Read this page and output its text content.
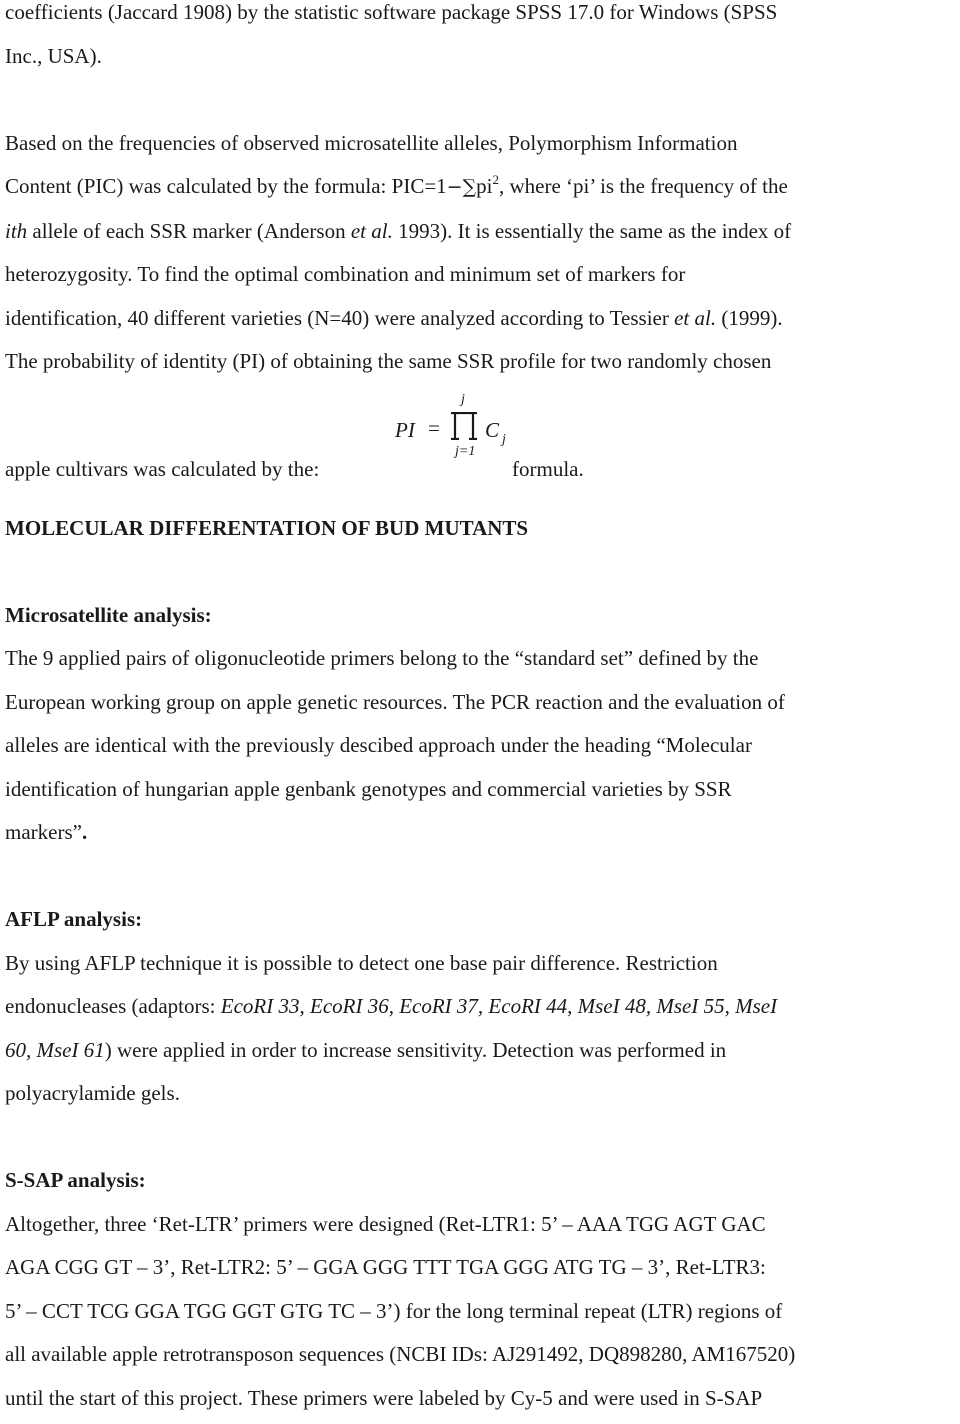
coefficients (Jaccard 1908) by the statistic software package SPSS 17.0 for Windows (SPSS
Inc., USA).
Based on the frequencies of observed microsatellite alleles, Polymorphism Information
Content (PIC) was calculated by the formula: $PIC=1-\sum pi^2$, where ‘pi’ is the frequency of the
ith allele of each SSR marker (Anderson et al. 1993). It is essentially the same as the index of
heterozygosity. To find the optimal combination and minimum set of markers for
identification, 40 different varieties (N=40) were analyzed according to Tessier et al. (1999).
The probability of identity (PI) of obtaining the same SSR profile for two randomly chosen
apple cultivars was calculated by the:
PI =
j
j=1
C j
formula.
MOLECULAR DIFFERENTATION OF BUD MUTANTS
Microsatellite analysis:
The 9 applied pairs of oligonucleotide primers belong to the “standard set” defined by the
European working group on apple genetic resources. The PCR reaction and the evaluation of
alleles are identical with the previously descibed approach under the heading “Molecular
identification of hungarian apple genbank genotypes and commercial varieties by SSR
markers”.
AFLP analysis:
By using AFLP technique it is possible to detect one base pair difference. Restriction
endonucleases (adaptors: EcoRI 33, EcoRI 36, EcoRI 37, EcoRI 44, MseI 48, MseI 55, MseI
60, MseI 61) were applied in order to increase sensitivity. Detection was performed in
polyacrylamide gels.
S-SAP analysis:
Altogether, three ‘Ret-LTR’ primers were designed (Ret-LTR1: 5’ – AAA TGG AGT GAC
AGA CGG GT – 3’, Ret-LTR2: 5’ – GGA GGG TTT TGA GGG ATG TG – 3’, Ret-LTR3:
5’ – CCT TCG GGA TGG GGT GTG TC – 3’) for the long terminal repeat (LTR) regions of
all available apple retrotransposon sequences (NCBI IDs: AJ291492, DQ898280, AM167520)
until the start of this project. These primers were labeled by Cy-5 and were used in S-SAP
